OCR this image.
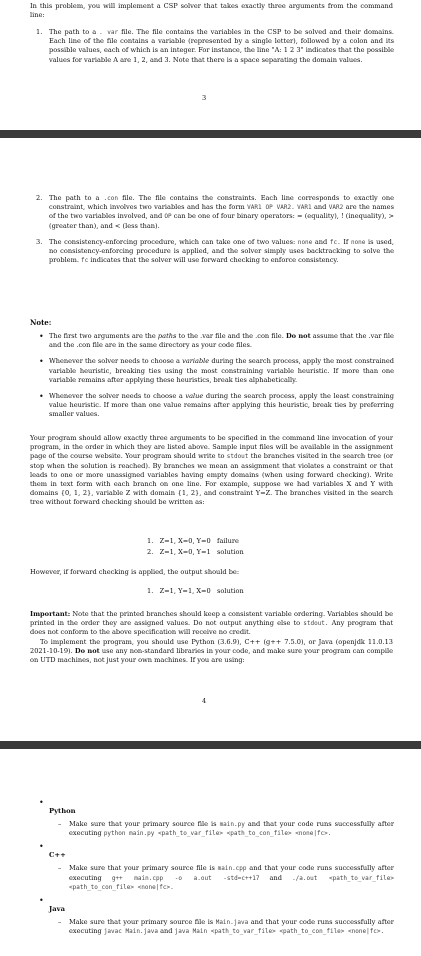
In this problem, you will implement a CSP solver that takes exactly three arguments from the command line:

1. The path to a . var file. The file contains the variables in the CSP to be solved and their domains. Each line of the file contains a variable (represented by a single letter), followed by a colon and its possible values, each of which is an integer. For instance, the line "A: 1 2 3" indicates that the possible values for variable A are 1, 2, and 3. Note that there is a space separating the domain values.
3
2. The path to a .con file. The file contains the constraints. Each line corresponds to exactly one constraint, which involves two variables and has the form VAR1 OP VAR2. VAR1 and VAR2 are the names of the two variables involved, and OP can be one of four binary operators: = (equality), ! (inequality), > (greater than), and < (less than).
3. The consistency-enforcing procedure, which can take one of two values: none and fc. If none is used, no consistency-enforcing procedure is applied, and the solver simply uses backtracking to solve the problem. fc indicates that the solver will use forward checking to enforce consistency.
Note:
• The first two arguments are the paths to the .var file and the .con file. Do not assume that the .var file and the .con file are in the same directory as your code files.
• Whenever the solver needs to choose a variable during the search process, apply the most constrained variable heuristic, breaking ties using the most constraining variable heuristic. If more than one variable remains after applying these heuristics, break ties alphabetically.
• Whenever the solver needs to choose a value during the search process, apply the least constraining value heuristic. If more than one value remains after applying this heuristic, break ties by preferring smaller values.

Your program should allow exactly three arguments to be specified in the command line invocation of your program, in the order in which they are listed above. Sample input files will be available in the assignment page of the course website. Your program should write to stdout the branches visited in the search tree (or stop when the solution is reached). By branches we mean an assignment that violates a constraint or that leads to one or more unassigned variables having empty domains (when using forward checking). Write them in text form with each branch on one line. For example, suppose we had variables X and Y with domains {0, 1, 2}, variable Z with domain {1, 2}, and constraint Y=Z. The branches visited in the search tree without forward checking should be written as:

1.   Z=1, X=0, Y=0   failure
2.   Z=1, X=0, Y=1   solution

However, if forward checking is applied, the output should be:

1.   Z=1, Y=1, X=0   solution

Important: Note that the printed branches should keep a consistent variable ordering. Variables should be printed in the order they are assigned values. Do not output anything else to stdout. Any program that does not conform to the above specification will receive no credit.

To implement the program, you should use Python (3.6.9), C++ (g++ 7.5.0), or Java (openjdk 11.0.13 2021-10-19). Do not use any non-standard libraries in your code, and make sure your program can compile on UTD machines, not just your own machines. If you are using:

4
•
Python
– Make sure that your primary source file is main.py and that your code runs successfully after executing python main.py <path_to_var_file> <path_to_con_file> <none|fc>.
•
C++
– Make sure that your primary source file is main.cpp and that your code runs successfully after executing g++ main.cpp -o a.out -std=c++17 and ./a.out <path_to_var_file> <path_to_con_file> <none|fc>.
•
Java
– Make sure that your primary source file is Main.java and that your code runs successfully after executing javac Main.java and java Main <path_to_var_file> <path_to_con_file> <none|fc>.
